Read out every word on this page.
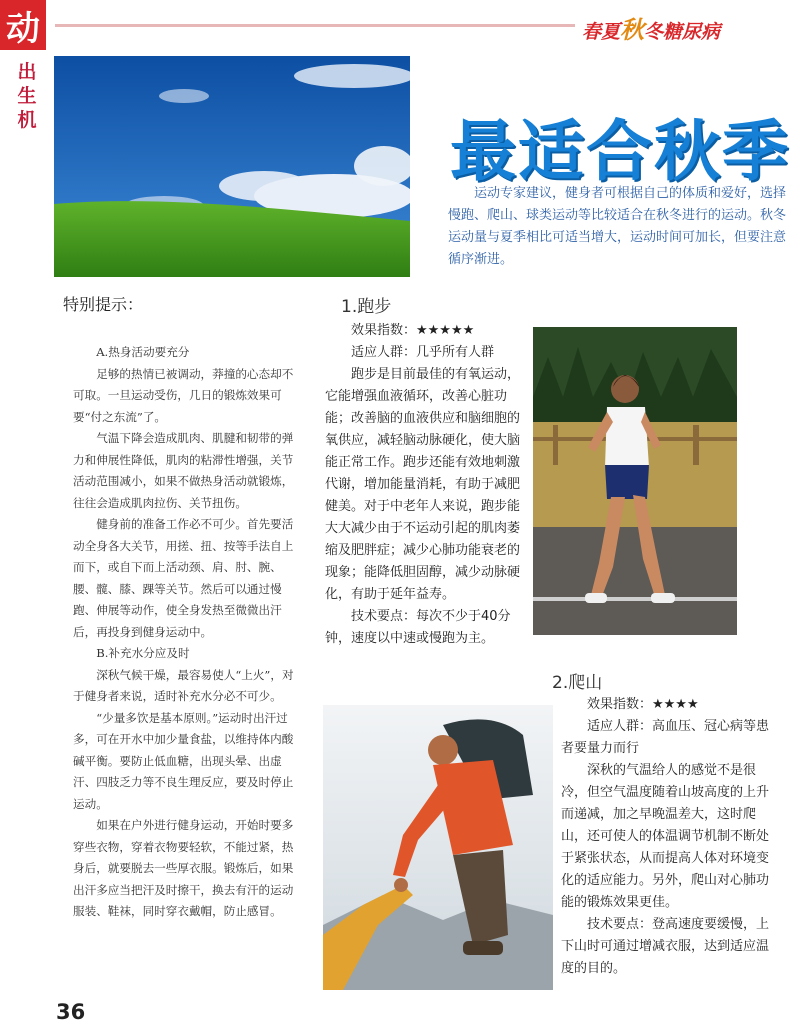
动
出
生
机
春夏秋冬糖尿病
最适合秋季
运动专家建议，健身者可根据自己的体质和爱好，选择慢跑、爬山、球类运动等比较适合在秋冬进行的运动。秋冬运动量与夏季相比可适当增大，运动时间可加长，但要注意循序渐进。
特别提示：

A.热身活动要充分

足够的热情已被调动，莽撞的心态却不可取。一旦运动受伤，几日的锻炼效果可要“付之东流”了。

气温下降会造成肌肉、肌腱和韧带的弹力和伸展性降低，肌肉的粘滞性增强，关节活动范围减小，如果不做热身活动就锻炼，往往会造成肌肉拉伤、关节扭伤。

健身前的准备工作必不可少。首先要活动全身各大关节，用搓、扭、按等手法自上而下，或自下而上活动颈、肩、肘、腕、腰、髋、膝、踝等关节。然后可以通过慢跑、伸展等动作，使全身发热至微微出汗后，再投身到健身运动中。

B.补充水分应及时

深秋气候干燥，最容易使人“上火”，对于健身者来说，适时补充水分必不可少。

“少量多饮是基本原则。”运动时出汗过多，可在开水中加少量食盐，以维持体内酸碱平衡。要防止低血糖，出现头晕、出虚汗、四肢乏力等不良生理反应，要及时停止运动。

如果在户外进行健身运动，开始时要多穿些衣物，穿着衣物要轻软，不能过紧，热身后，就要脱去一些厚衣服。锻炼后，如果出汗多应当把汗及时擦干，换去有汗的运动服装、鞋袜，同时穿衣戴帽，防止感冒。

1.跑步

效果指数：★★★★★

适应人群：几乎所有人群

跑步是目前最佳的有氧运动，它能增强血液循环，改善心脏功能；改善脑的血液供应和脑细胞的氧供应，减轻脑动脉硬化，使大脑能正常工作。跑步还能有效地刺激代谢，增加能量消耗，有助于减肥健美。对于中老年人来说，跑步能大大减少由于不运动引起的肌肉萎缩及肥胖症；减少心肺功能衰老的现象；能降低胆固醇，减少动脉硬化，有助于延年益寿。

技术要点：每次不少于40分钟，速度以中速或慢跑为主。

2.爬山

效果指数：★★★★

适应人群：高血压、冠心病等患者要量力而行

深秋的气温给人的感觉不是很冷，但空气温度随着山坡高度的上升而递减，加之早晚温差大，这时爬山，还可使人的体温调节机制不断处于紧张状态，从而提高人体对环境变化的适应能力。另外，爬山对心肺功能的锻炼效果更佳。

技术要点：登高速度要缓慢，上下山时可通过增减衣服，达到适应温度的目的。

36
